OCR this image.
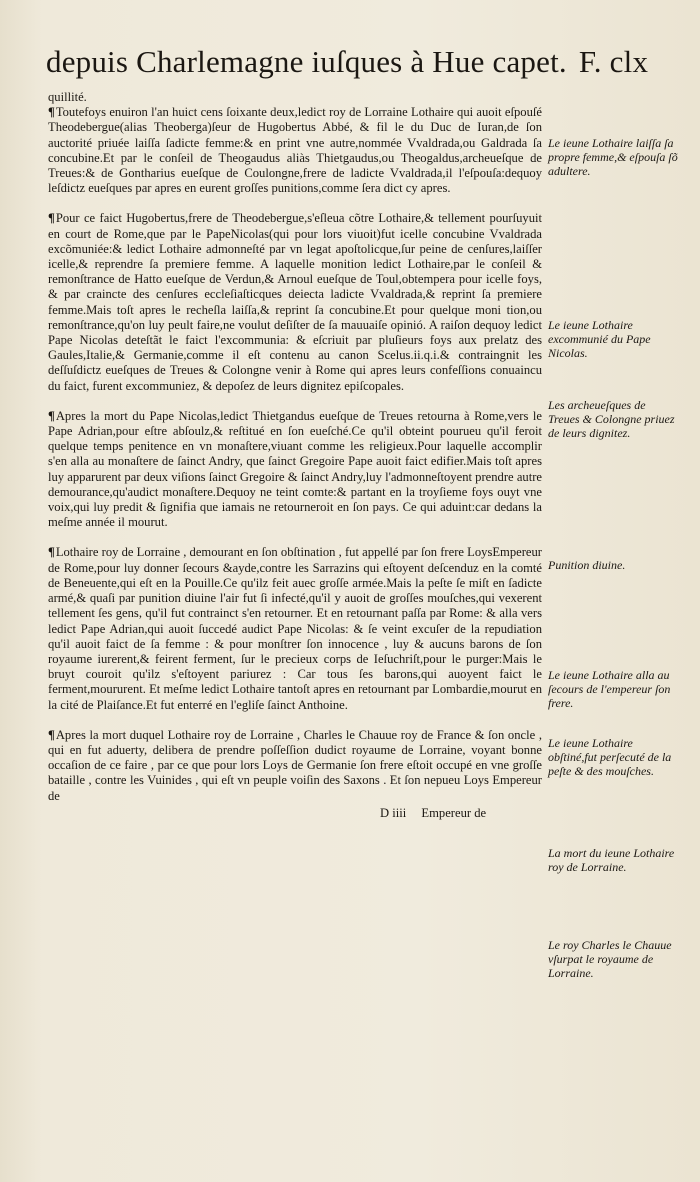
depuis Charlemagne iuſques à Hue capet. F. clx

quillité.

¶Toutefoys enuiron l'an huict cens ſoixante deux,ledict roy de Lorraine Lothaire qui auoit eſpouſé Theodebergue(alias Theoberga)ſeur de Hugobertus Abbé, & fil le du Duc de Iuran,de ſon auctorité priuée laiſſa ſadicte femme:& en print vne autre,nommée Vvaldrada,ou Galdrada ſa concubine.Et par le conſeil de Theogaudus aliàs Thietgaudus,ou Theogaldus,archeueſque de Treues:& de Gontharius eueſque de Coulongne,frere de ladicte Vvaldrada,il l'eſpouſa:dequoy leſdictz eueſques par apres en eurent groſſes punitions,comme ſera dict cy apres.

¶Pour ce faict Hugobertus,frere de Theodebergue,s'eſleua cõtre Lothaire,& tellement pourſuyuit en court de Rome,que par le PapeNicolas(qui pour lors viuoit)fut icelle concubine Vvaldrada excõmuniée:& ledict Lothaire admonneſté par vn legat apoſtolicque,ſur peine de cenſures,laiſſer icelle,& reprendre ſa premiere femme. A laquelle monition ledict Lothaire,par le conſeil & remonſtrance de Hatto eueſque de Verdun,& Arnoul eueſque de Toul,obtempera pour icelle foys, & par craincte des cenſures eccleſiaſticques deiecta ladicte Vvaldrada,& reprint ſa premiere femme.Mais toſt apres le recheſla laiſſa,& reprint ſa concubine.Et pour quelque moni tion,ou remonſtrance,qu'on luy peult faire,ne voulut deſiſter de ſa mauuaiſe opinió. A raiſon dequoy ledict Pape Nicolas deteſtãt le faict l'excommunia: & eſcriuit par pluſieurs foys aux prelatz des Gaules,Italie,& Germanie,comme il eſt contenu au canon Scelus.ii.q.i.& contraingnit les deſſuſdictz eueſques de Treues & Colongne venir à Rome qui apres leurs confeſſions conuaincu du faict, furent excommuniez, & depoſez de leurs dignitez epiſcopales.

¶Apres la mort du Pape Nicolas,ledict Thietgandus eueſque de Treues retourna à Rome,vers le Pape Adrian,pour eſtre abſoulz,& reſtitué en ſon eueſché.Ce qu'il obteint pourueu qu'il feroit quelque temps penitence en vn monaſtere,viuant comme les religieux.Pour laquelle accomplir s'en alla au monaſtere de ſainct Andry, que ſainct Gregoire Pape auoit faict edifier.Mais toſt apres luy apparurent par deux viſions ſainct Gregoire & ſainct Andry,luy l'admonneſtoyent prendre autre demourance,qu'audict monaſtere.Dequoy ne teint comte:& partant en la troyſieme foys ouyt vne voix,qui luy predit & ſignifia que iamais ne retourneroit en ſon pays. Ce qui aduint:car dedans la meſme année il mourut.

¶Lothaire roy de Lorraine , demourant en ſon obſtination , fut appellé par ſon frere LoysEmpereur de Rome,pour luy donner ſecours &ayde,contre les Sarrazins qui eſtoyent deſcenduz en la comté de Beneuente,qui eſt en la Pouille.Ce qu'ilz feit auec groſſe armée.Mais la peſte ſe miſt en ſadicte armé,& quaſi par punition diuine l'air fut ſi infecté,qu'il y auoit de groſſes mouſches,qui vexerent tellement ſes gens, qu'il fut contrainct s'en retourner. Et en retournant paſſa par Rome: & alla vers ledict Pape Adrian,qui auoit ſuccedé audict Pape Nicolas: & ſe veint excuſer de la repudiation qu'il auoit faict de ſa femme : & pour monſtrer ſon innocence , luy & aucuns barons de ſon royaume iurerent,& feirent ferment, ſur le precieux corps de Ieſuchriſt,pour le purger:Mais le bruyt couroit qu'ilz s'eſtoyent pariurez : Car tous ſes barons,qui auoyent faict le ferment,moururent. Et meſme ledict Lothaire tantoſt apres en retournant par Lombardie,mourut en la cité de Plaiſance.Et fut enterré en l'egliſe ſainct Anthoine.

¶Apres la mort duquel Lothaire roy de Lorraine , Charles le Chauue roy de France & ſon oncle , qui en fut aduerty, delibera de prendre poſſeſſion dudict royaume de Lorraine, voyant bonne occaſion de ce faire , par ce que pour lors Loys de Germanie ſon frere eſtoit occupé en vne groſſe bataille , contre les Vuinides , qui eſt vn peuple voiſin des Saxons . Et ſon nepueu Loys Empereur de

Le ieune Lothaire laiſſa ſa propre femme,& eſpouſa ſõ adultere.
Le ieune Lothaire excommunié du Pape Nicolas.
Les archeueſques de Treues & Colongne priuez de leurs dignitez.
Punition diuine.
Le ieune Lothaire alla au ſecours de l'empereur ſon frere.
Le ieune Lothaire obſtiné,fut perſecuté de la peſte & des mouſches.
La mort du ieune Lothaire roy de Lorraine.
Le roy Charles le Chauue vſurpat le royaume de Lorraine.
D iiii Empereur de
